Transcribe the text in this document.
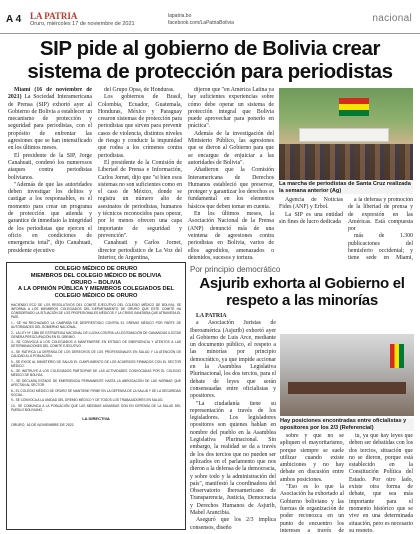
A 4 LA PATRIA
Oruro, miércoles 17 de noviembre de 2021
lapatria.bo
facebook.com/LaPatriaBolivia	nacional
SIP pide al gobierno de Bolivia crear sistema de protección para periodistas

Miami (16 de noviembre de 2021) La Sociedad Interamericana de Prensa (SIP) exhortó ayer al Gobierno de Bolivia a establecer un mecanismo de protección y seguridad para periodistas, con el propósito de enfrentar las agresiones que se han intensificado en los últimos meses.

El presidente de la SIP, Jorge Canahuati, condenó los numerosos ataques contra periodistas bolivianos.

"Además de que las autoridades deben investigar los delitos y castigar a los responsables, es el momento para crear un programa de protección que atienda y garantice de inmediato la integridad de los periodistas que ejercen el oficio en condiciones de emergencia total", dijo Canahuati, presidente ejecutivo

del Grupo Opsa, de Honduras.

Los gobiernos de Brasil, Colombia, Ecuador, Guatemala, Honduras, México y Paraguay crearon sistemas de protección para periodistas que sirven para prevenir casos de violencia, distintos niveles de riesgo y conducir la impunidad que rodea a los crímenes contra periodistas.

El presidente de la Comisión de Libertad de Prensa e Información, Carlos Jornet, dijo que "si bien esos sistemas no son suficientes como en el caso de México, donde se registra un número alto de asesinatos de periodistas, humanos y técnicos reconocidos para operar, por lo menos ofrecen una capa importante de seguridad y prevención".

Canahuati y Carlos Jornet, director periodístico de La Voz del Interior, de Argentina,

dijeron que "en América Latina ya hay suficientes experiencias sobre cómo debe operar un sistema de protección integral que Bolivia puede aprovechar para ponerlo en práctica".

Además de la investigación del Ministerio Público, las agresiones que se dieron al Gobierno para que se encargue de enjuiciar a las autoridades de Bolivia".

Añadieron que la Comisión Interamericana de Derechos Humanos estableció que preservar, proteger y garantizar los derechos es fundamental en los elementos básicos que deben tomar en cuenta.

En los últimos meses, la Asociación Nacional de la Prensa (ANP) denunció más de una veintena de agresiones contra periodistas en Bolivia, varios de ellos agredidos, amenazados o detenidos, sucesos y tortura.

La marcha de periodistas de Santa Cruz realizada la semana anterior (Ag)

Agencia de Noticias Fides (ANF) y Erbol.

La SIP es una entidad sin fines de lucro dedicada

a la defensa y promoción de la libertad de prensa y de expresión en las Américas. Está compuesta por

más de 1.300 publicaciones del hemisferio occidental; y tiene sede en Miami,

Por principio democrático
Asjurib exhorta al Gobierno el respeto a las minorías

LA PATRIA

a Asociación Juristas de Iberoamérica (Asjurib) exhortó ayer al Gobierno de Luis Arce, mediante un documento público, el respeto a las minorías por principio democrático, ya que impide accionar en la Asamblea Legislativa Plurinacional, los dos tercios, para el debate de leyes que serán consensuadas entre oficialistas y opositores.

"La ciudadanía tiene su representación a través de los legisladores. Los legisladores opositores son quienes hablan en nombre del pueblo en la Asamblea Legislativa Plurinacional. Sin embargo, la realidad se da a través de los dos tercios que no pueden ser aplicados en el parlamento que nos dieron a la defensa de la democracia, y sobre todo y la administración del país", manifestó la coordinadora del Observatorio Iberoamericano de Transparencia, Justicia, Democracia y Derechos Humanos de Asjurib, Mabel Arancibia.

Aseguró que los 2/3 implica consensos, diseño

Hay posiciones encontradas entre oficialistas y opositores por los 2/3 (Referencial)

sobre y que no se apliquen el mayoritarismo, porque siempre se suele utilizar cuando existe ambiciones y no hay debate en discusión entre ambos posiciones.

"Eso es lo que la Asociación ha exhortado al Gobierno boliviano y las fuerzas de organización de poder reconozca en un punto de encuentro los intereses a través de

tu, ya que hay leyes que deben ser debatidas con los dos tercios, situación que no se dieron, porque está establecido en la Constitución Política del Estado. Por otro lado, existe otra forma de debate, que sea más importante para el momento histórico que se vive en una determinada situación, pero es necesario su respeto.

COLEGIO MÉDICO DE ORURO
MIEMBROS DEL COLEGIO MÉDICO DE BOLIVIA
ORURO – BOLIVIA
A LA OPINIÓN PÚBLICA Y MIEMBROS COLEGIADOS DEL
COLEGIO MÉDICO DE ORURO

HACIENDO ECO DE LOS RESOLUTIVOS DEL COMITÉ EJECUTIVO DEL COLEGIO MÉDICO DE BOLIVIA, SE INFORMA A LOS MIEMBROS COLEGIADOS DEL DEPARTAMENTO DE ORURO QUE ESTE COMITÉ HA CONSIDERADO LA SITUACIÓN DE LOS PROFESIONALES MÉDICOS Y LA CRISIS SANITARIA QUE ATRAVIESA EL PAÍS.

1.- SE HA RECHAZADO LA CAMPAÑA DE DESPRESTIGIO CONTRA EL GREMIO MÉDICO POR PARTE DE AUTORIDADES DEL GOBIERNO NACIONAL.

2.- LA LEY Nº 1386 DE ESTRATEGIA NACIONAL DE LUCHA CONTRA LA LEGITIMACIÓN DE GANANCIAS ILÍCITAS GENERA PREOCUPACIÓN EN EL GREMIO.

3.- SE CONVOCA A LOS COLEGIADOS A MANTENERSE EN ESTADO DE EMERGENCIA Y ATENTOS A LAS DETERMINACIONES DEL COMITÉ EJECUTIVO.

4.- SE RATIFICA LA DEFENSA DE LOS DERECHOS DE LOS PROFESIONALES EN SALUD Y LA ATENCIÓN DE CALIDAD A LA POBLACIÓN.

5.- SE EXIGE AL MINISTERIO DE SALUD EL CUMPLIMIENTO DE LOS ACUERDOS FIRMADOS CON EL SECTOR MÉDICO.

6.- SE INSTRUYE A LOS COLEGIADOS PARTICIPAR DE LAS ACTIVIDADES CONVOCADAS POR EL COLEGIO MÉDICO DE BOLIVIA.

7.- SE DECLARA ESTADO DE EMERGENCIA PERMANENTE HASTA LA ABROGACIÓN DE LAS NORMAS QUE AFECTAN AL SECTOR.

8.- EL COLEGIO MÉDICO DE ORURO SE MANTIENE FIRME EN LA DEFENSA DE LA SALUD Y DE LA SEGURIDAD SOCIAL.

9.- SE CONVOCA A LA UNIDAD DEL GREMIO MÉDICO Y DE TODOS LOS TRABAJADORES EN SALUD.

10.- SE COMUNICA A LA POBLACIÓN QUE LAS MEDIDAS ASUMIDAS SON EN DEFENSA DE LA SALUD DEL PUEBLO BOLIVIANO.

LA DIRECTIVA
ORURO, 16 DE NOVIEMBRE DE 2021
